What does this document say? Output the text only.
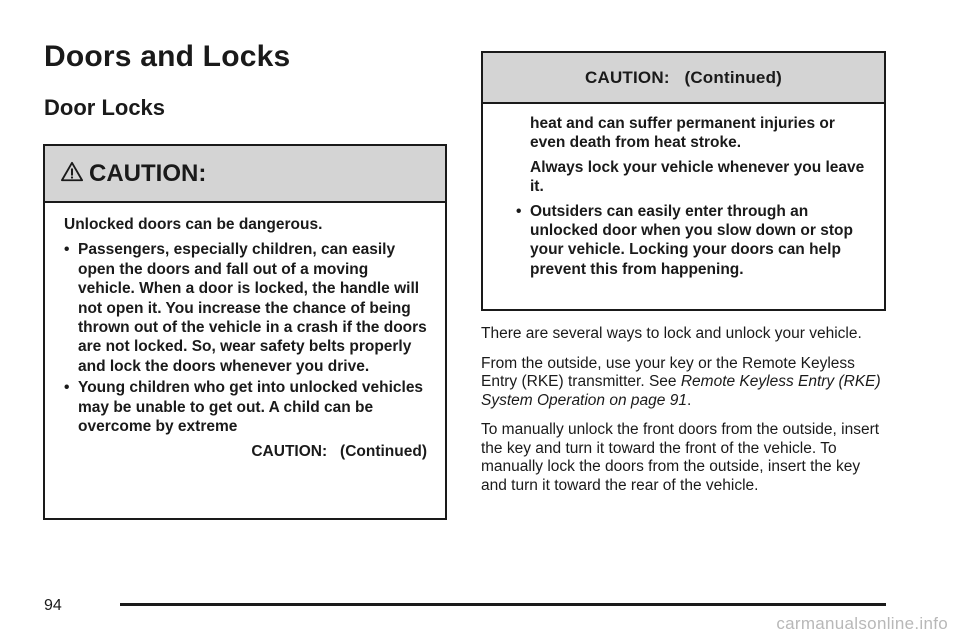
Doors and Locks
Door Locks
CAUTION:

Unlocked doors can be dangerous.

• Passengers, especially children, can easily open the doors and fall out of a moving vehicle. When a door is locked, the handle will not open it. You increase the chance of being thrown out of the vehicle in a crash if the doors are not locked. So, wear safety belts properly and lock the doors whenever you drive.
• Young children who get into unlocked vehicles may be unable to get out. A child can be overcome by extreme
CAUTION:   (Continued)
CAUTION:   (Continued)

heat and can suffer permanent injuries or even death from heat stroke.

Always lock your vehicle whenever you leave it.

• Outsiders can easily enter through an unlocked door when you slow down or stop your vehicle. Locking your doors can help prevent this from happening.

There are several ways to lock and unlock your vehicle.

From the outside, use your key or the Remote Keyless Entry (RKE) transmitter. See Remote Keyless Entry (RKE) System Operation on page 91.

To manually unlock the front doors from the outside, insert the key and turn it toward the front of the vehicle. To manually lock the doors from the outside, insert the key and turn it toward the rear of the vehicle.

94
carmanualsonline.info
